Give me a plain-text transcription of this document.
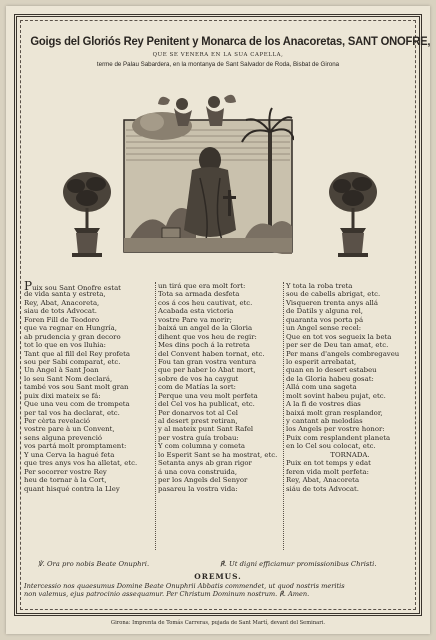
Goigs del Gloriós Rey Penitent y Monarca de los Anacoretas, SANT ONOFRE,
QUE SE VENERA EN LA SUA CAPELLA,
terme de Palau Sabardera, en la montanya de Sant Salvador de Roda, Bisbat de Girona
Puix sou Sant Onofre estat
de vida santa y estreta,
Rey, Abat, Anacoreta,
siau de tots Advocat.
Foren Fill de Teodoro
que va regnar en Hungría,
ab prudencia y gran decoro
tot lo que en vos lluhia:
Tant que al fill del Rey profeta
sou per Sabi comparat, etc.
Un Angel à Sant Joan
lo seu Sant Nom declará,
també vos sou Sant molt gran
puix dixi mateix se fá:
Que una veu com de trompeta
per tal vos ha declarat, etc.
Per cèrta revelació
vostre pare à un Convent,
sens alguna prevenció
vos partá molt promptament:
Y una Cerva la hagué feta
que tres anys vos ha alletat, etc.
Per socorrer vostre Rey
heu de tornar à la Cort,
quant hisqué contra la Lley
un tirá que era molt fort:
Tota sa armada desfeta
cos á cos heu cautivat, etc.
Acabada esta victoria
vostre Pare va morir;
baixá un angel de la Gloria
dihent que vos heu de regir:
Mes dins poch á la retreta
del Convent haben tornat, etc.
Fou tan gran vostra ventura
que per haber lo Abat mort,
sobre de vos ha caygut
com de Matías la sort:
Perque una veu molt perfeta
del Cel vos ha publicat, etc.
Per donarvos tot al Cel
al desert prest retiran,
y al mateix punt Sant Rafel
per vostra guía trobau:
Y com columna y cometa
lo Esperit Sant se ha mostrat, etc.
Setanta anys ab gran rigor
á una cova construida,
per los Angels del Senyor
pasareu la vostra vida:
Y tota la roba treta
sou de cabells abrigat, etc.
Visqueren trenta anys allá
de Datils y alguna rel,
quaranta vos porta pá
un Angel sense recel:
Que en tot vos segueix la beta
per ser de Deu tan amat, etc.
Per mans d'angels combregaveu
lo esperit arrebatat,
quan en lo desert estabeu
de la Gloria habeu gosat:
Allá com una sageta
molt sovint habeu pujat, etc.
A la fi de vostres dias
baixá molt gran resplandor,
y cantant ab melodías
los Angels per vostre honor:
Puix com resplandent planeta
en lo Cel sou colocat, etc.
TORNADA.
Puix en tot temps y edat
feren vida molt perfeta:
Rey, Abat, Anacoreta
siáu de tots Advocat.
℣. Ora pro nobis Beate Onuphri.	℟. Ut digni efficiamur promissionibus Christi.
OREMUS.
Intercessio nos quaesumus Domine Beate Onuphrii Abbatis commendet, ut quod nostris meritis
non valemus, ejus patrocinio assequamur. Per Christum Dominum nostrum. ℟. Amen.
Girona: Imprenta de Tomás Carreras, pujada de Sant Martí, devant del Seminari.
